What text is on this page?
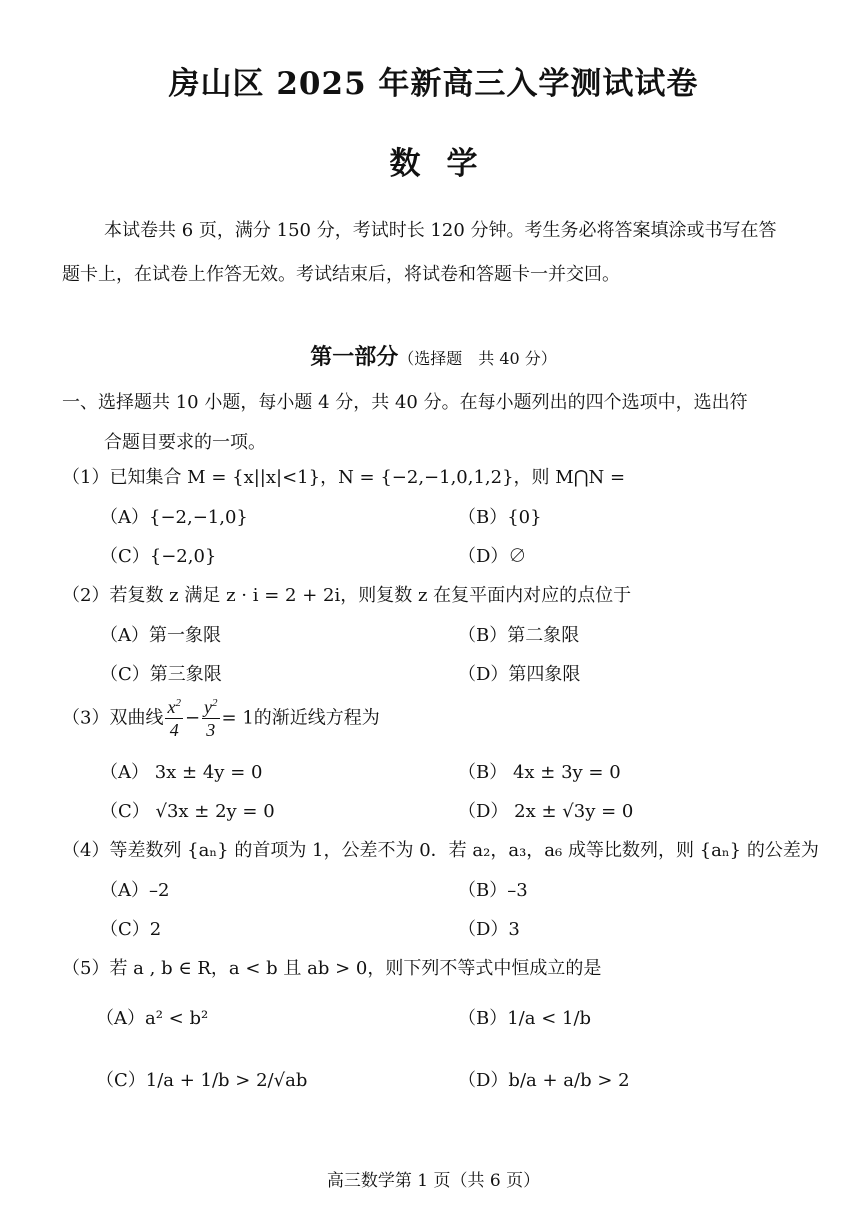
房山区 2025 年新高三入学测试试卷
数学
本试卷共 6 页，满分 150 分，考试时长 120 分钟。考生务必将答案填涂或书写在答
题卡上，在试卷上作答无效。考试结束后，将试卷和答题卡一并交回。
第一部分（选择题　共 40 分）
一、选择题共 10 小题，每小题 4 分，共 40 分。在每小题列出的四个选项中，选出符
合题目要求的一项。
（1）已知集合 M = {x||x|<1}，N = {−2,−1,0,1,2}，则 M⋂N =
（A）{−2,−1,0}	（B）{0}
（C）{−2,0}	（D）∅
（2）若复数 z 满足 z · i = 2 + 2i，则复数 z 在复平面内对应的点位于
（A）第一象限	（B）第二象限
（C）第三象限	（D）第四象限
（3）双曲线 $\frac{x^2}{4} - \frac{y^2}{3} = 1$的渐近线方程为
（A） 3x ± 4y = 0	（B） 4x ± 3y = 0
（C） √3x ± 2y = 0	（D） 2x ± √3y = 0
（4）等差数列 {aₙ} 的首项为 1，公差不为 0．若 a₂，a₃，a₆ 成等比数列，则 {aₙ} 的公差为
（A）–2	（B）–3
（C）2	（D）3
（5）若 a , b ∈ R，a < b 且 ab > 0，则下列不等式中恒成立的是
（A）a² < b²	（B）1/a < 1/b
（C）1/a + 1/b > 2/√ab	（D）b/a + a/b > 2
高三数学第 1 页（共 6 页）
